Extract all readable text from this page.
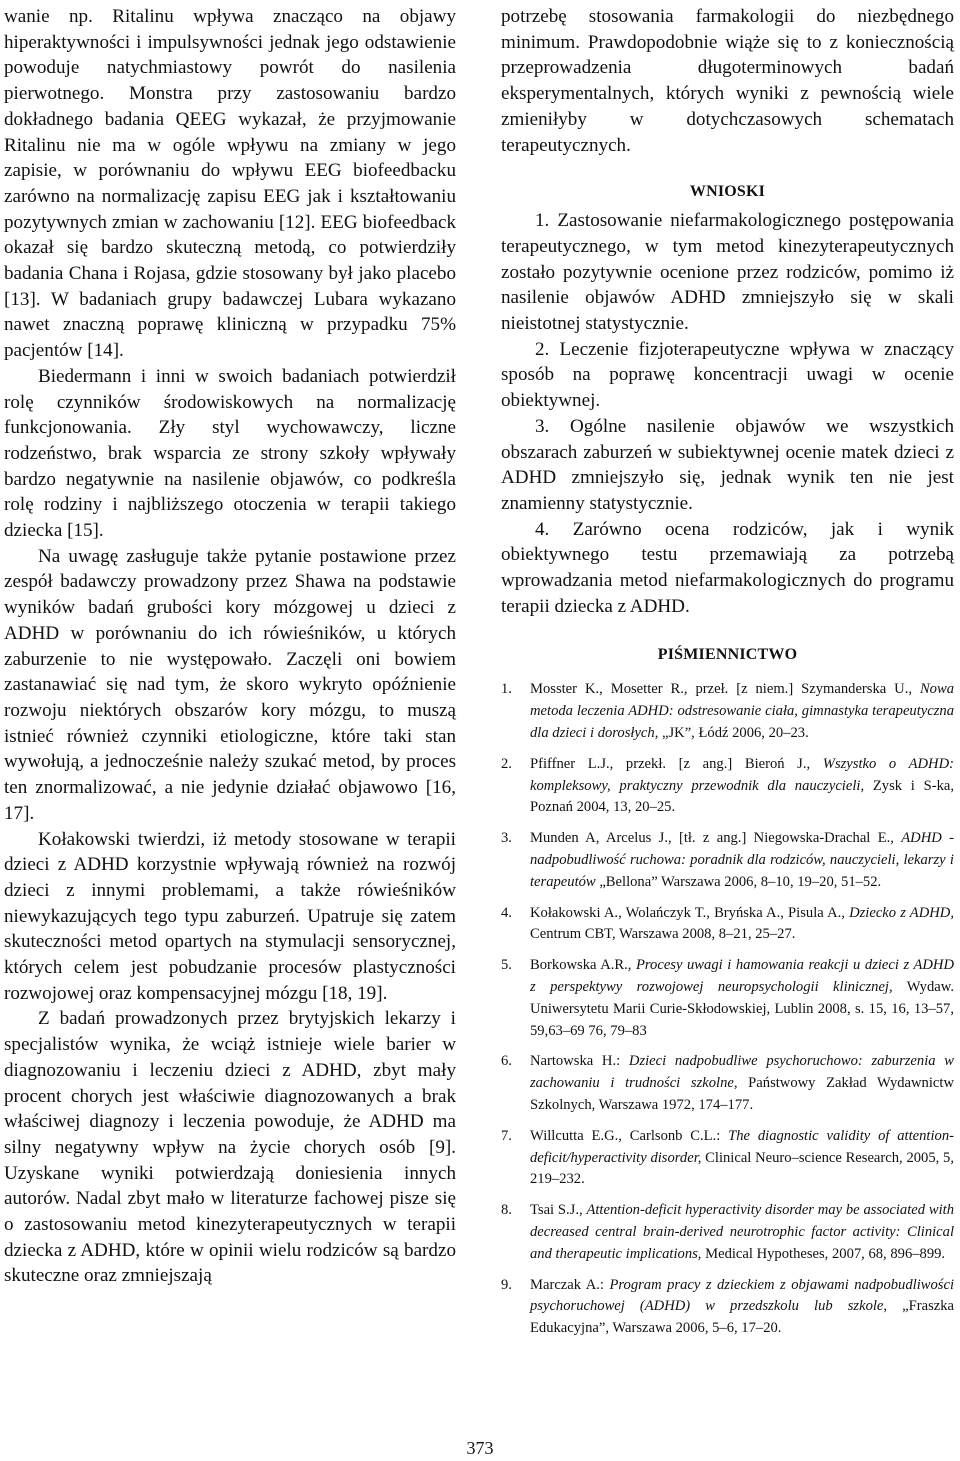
wanie np. Ritalinu wpływa znacząco na objawy hiperaktywności i impulsywności jednak jego odstawienie powoduje natychmiastowy powrót do nasilenia pierwotnego. Monstra przy zastosowaniu bardzo dokładnego badania QEEG wykazał, że przyjmowanie Ritalinu nie ma w ogóle wpływu na zmiany w jego zapisie, w porównaniu do wpływu EEG biofeedbacku zarówno na normalizację zapisu EEG jak i kształtowaniu pozytywnych zmian w zachowaniu [12]. EEG biofeedback okazał się bardzo skuteczną metodą, co potwierdziły badania Chana i Rojasa, gdzie stosowany był jako placebo [13]. W badaniach grupy badawczej Lubara wykazano nawet znaczną poprawę kliniczną w przypadku 75% pacjentów [14].

Biedermann i inni w swoich badaniach potwierdził rolę czynników środowiskowych na normalizację funkcjonowania. Zły styl wychowawczy, liczne rodzeństwo, brak wsparcia ze strony szkoły wpływały bardzo negatywnie na nasilenie objawów, co podkreśla rolę rodziny i najbliższego otoczenia w terapii takiego dziecka [15].

Na uwagę zasługuje także pytanie postawione przez zespół badawczy prowadzony przez Shawa na podstawie wyników badań grubości kory mózgowej u dzieci z ADHD w porównaniu do ich rówieśników, u których zaburzenie to nie występowało. Zaczęli oni bowiem zastanawiać się nad tym, że skoro wykryto opóźnienie rozwoju niektórych obszarów kory mózgu, to muszą istnieć również czynniki etiologiczne, które taki stan wywołują, a jednocześnie należy szukać metod, by proces ten znormalizować, a nie jedynie działać objawowo [16, 17].

Kołakowski twierdzi, iż metody stosowane w terapii dzieci z ADHD korzystnie wpływają również na rozwój dzieci z innymi problemami, a także rówieśników niewykazujących tego typu zaburzeń. Upatruje się zatem skuteczności metod opartych na stymulacji sensorycznej, których celem jest pobudzanie procesów plastyczności rozwojowej oraz kompensacyjnej mózgu [18, 19].

Z badań prowadzonych przez brytyjskich lekarzy i specjalistów wynika, że wciąż istnieje wiele barier w diagnozowaniu i leczeniu dzieci z ADHD, zbyt mały procent chorych jest właściwie diagnozowanych a brak właściwej diagnozy i leczenia powoduje, że ADHD ma silny negatywny wpływ na życie chorych osób [9]. Uzyskane wyniki potwierdzają doniesienia innych autorów. Nadal zbyt mało w literaturze fachowej pisze się o zastosowaniu metod kinezyterapeutycznych w terapii dziecka z ADHD, które w opinii wielu rodziców są bardzo skuteczne oraz zmniejszają

potrzebę stosowania farmakologii do niezbędnego minimum. Prawdopodobnie wiąże się to z koniecznością przeprowadzenia długoterminowych badań eksperymentalnych, których wyniki z pewnością wiele zmieniłyby w dotychczasowych schematach terapeutycznych.

WNIOSKI

1. Zastosowanie niefarmakologicznego postępowania terapeutycznego, w tym metod kinezyterapeutycznych zostało pozytywnie ocenione przez rodziców, pomimo iż nasilenie objawów ADHD zmniejszyło się w skali nieistotnej statystycznie.

2. Leczenie fizjoterapeutyczne wpływa w znaczący sposób na poprawę koncentracji uwagi w ocenie obiektywnej.

3. Ogólne nasilenie objawów we wszystkich obszarach zaburzeń w subiektywnej ocenie matek dzieci z ADHD zmniejszyło się, jednak wynik ten nie jest znamienny statystycznie.

4. Zarówno ocena rodziców, jak i wynik obiektywnego testu przemawiają za potrzebą wprowadzania metod niefarmakologicznych do programu terapii dziecka z ADHD.

PIŚMIENNICTWO
1. Mosster K., Mosetter R., przeł. [z niem.] Szymanderska U., Nowa metoda leczenia ADHD: odstresowanie ciała, gimnastyka terapeutyczna dla dzieci i dorosłych, „JK”, Łódź 2006, 20–23.
2. Pfiffner L.J., przekł. [z ang.] Bieroń J., Wszystko o ADHD: kompleksowy, praktyczny przewodnik dla nauczycieli, Zysk i S-ka, Poznań 2004, 13, 20–25.
3. Munden A, Arcelus J., [tł. z ang.] Niegowska-Drachal E., ADHD - nadpobudliwość ruchowa: poradnik dla rodziców, nauczycieli, lekarzy i terapeutów „Bellona” Warszawa 2006, 8–10, 19–20, 51–52.
4. Kołakowski A., Wolańczyk T., Bryńska A., Pisula A., Dziecko z ADHD, Centrum CBT, Warszawa 2008, 8–21, 25–27.
5. Borkowska A.R., Procesy uwagi i hamowania reakcji u dzieci z ADHD z perspektywy rozwojowej neuropsychologii klinicznej, Wydaw. Uniwersytetu Marii Curie-Skłodowskiej, Lublin 2008, s. 15, 16, 13–57, 59,63–69 76, 79–83
6. Nartowska H.: Dzieci nadpobudliwe psychoruchowo: zaburzenia w zachowaniu i trudności szkolne, Państwowy Zakład Wydawnictw Szkolnych, Warszawa 1972, 174–177.
7. Willcutta E.G., Carlsonb C.L.: The diagnostic validity of attention-deficit/hyperactivity disorder, Clinical Neuro–science Research, 2005, 5, 219–232.
8. Tsai S.J., Attention-deficit hyperactivity disorder may be associated with decreased central brain-derived neurotrophic factor activity: Clinical and therapeutic implications, Medical Hypotheses, 2007, 68, 896–899.
9. Marczak A.: Program pracy z dzieckiem z objawami nadpobudliwości psychoruchowej (ADHD) w przedszkolu lub szkole, „Fraszka Edukacyjna”, Warszawa 2006, 5–6, 17–20.
373
